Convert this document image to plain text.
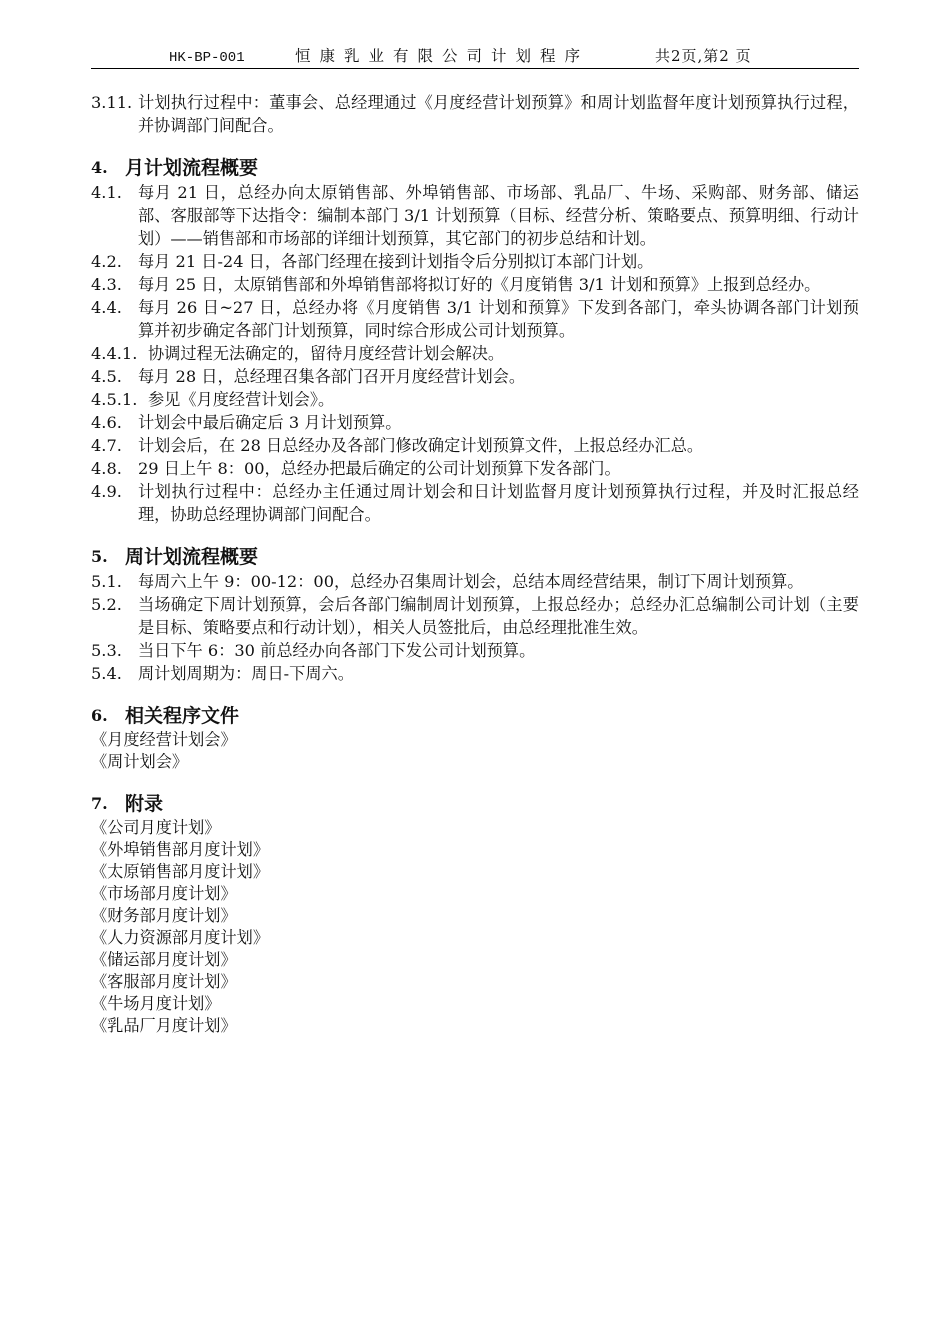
HK-BP-001	恒康乳业有限公司计划程序	共2页,第2 页
3.11. 计划执行过程中：董事会、总经理通过《月度经营计划预算》和周计划监督年度计划预算执行过程，并协调部门间配合。
4. 月计划流程概要
4.1. 每月 21 日，总经办向太原销售部、外埠销售部、市场部、乳品厂、牛场、采购部、财务部、储运部、客服部等下达指令：编制本部门 3/1 计划预算（目标、经营分析、策略要点、预算明细、行动计划）——销售部和市场部的详细计划预算，其它部门的初步总结和计划。
4.2. 每月 21 日-24 日，各部门经理在接到计划指令后分别拟订本部门计划。
4.3. 每月 25 日，太原销售部和外埠销售部将拟订好的《月度销售 3/1 计划和预算》上报到总经办。
4.4. 每月 26 日~27 日，总经办将《月度销售 3/1 计划和预算》下发到各部门，牵头协调各部门计划预算并初步确定各部门计划预算，同时综合形成公司计划预算。
4.4.1. 协调过程无法确定的，留待月度经营计划会解决。
4.5. 每月 28 日，总经理召集各部门召开月度经营计划会。
4.5.1. 参见《月度经营计划会》。
4.6. 计划会中最后确定后 3 月计划预算。
4.7. 计划会后，在 28 日总经办及各部门修改确定计划预算文件，上报总经办汇总。
4.8. 29 日上午 8：00，总经办把最后确定的公司计划预算下发各部门。
4.9. 计划执行过程中：总经办主任通过周计划会和日计划监督月度计划预算执行过程，并及时汇报总经理，协助总经理协调部门间配合。
5. 周计划流程概要
5.1. 每周六上午 9：00-12：00，总经办召集周计划会，总结本周经营结果，制订下周计划预算。
5.2. 当场确定下周计划预算，会后各部门编制周计划预算，上报总经办；总经办汇总编制公司计划（主要是目标、策略要点和行动计划），相关人员签批后，由总经理批准生效。
5.3. 当日下午 6：30 前总经办向各部门下发公司计划预算。
5.4. 周计划周期为：周日-下周六。
6. 相关程序文件
《月度经营计划会》
《周计划会》
7. 附录
《公司月度计划》
《外埠销售部月度计划》
《太原销售部月度计划》
《市场部月度计划》
《财务部月度计划》
《人力资源部月度计划》
《储运部月度计划》
《客服部月度计划》
《牛场月度计划》
《乳品厂月度计划》
